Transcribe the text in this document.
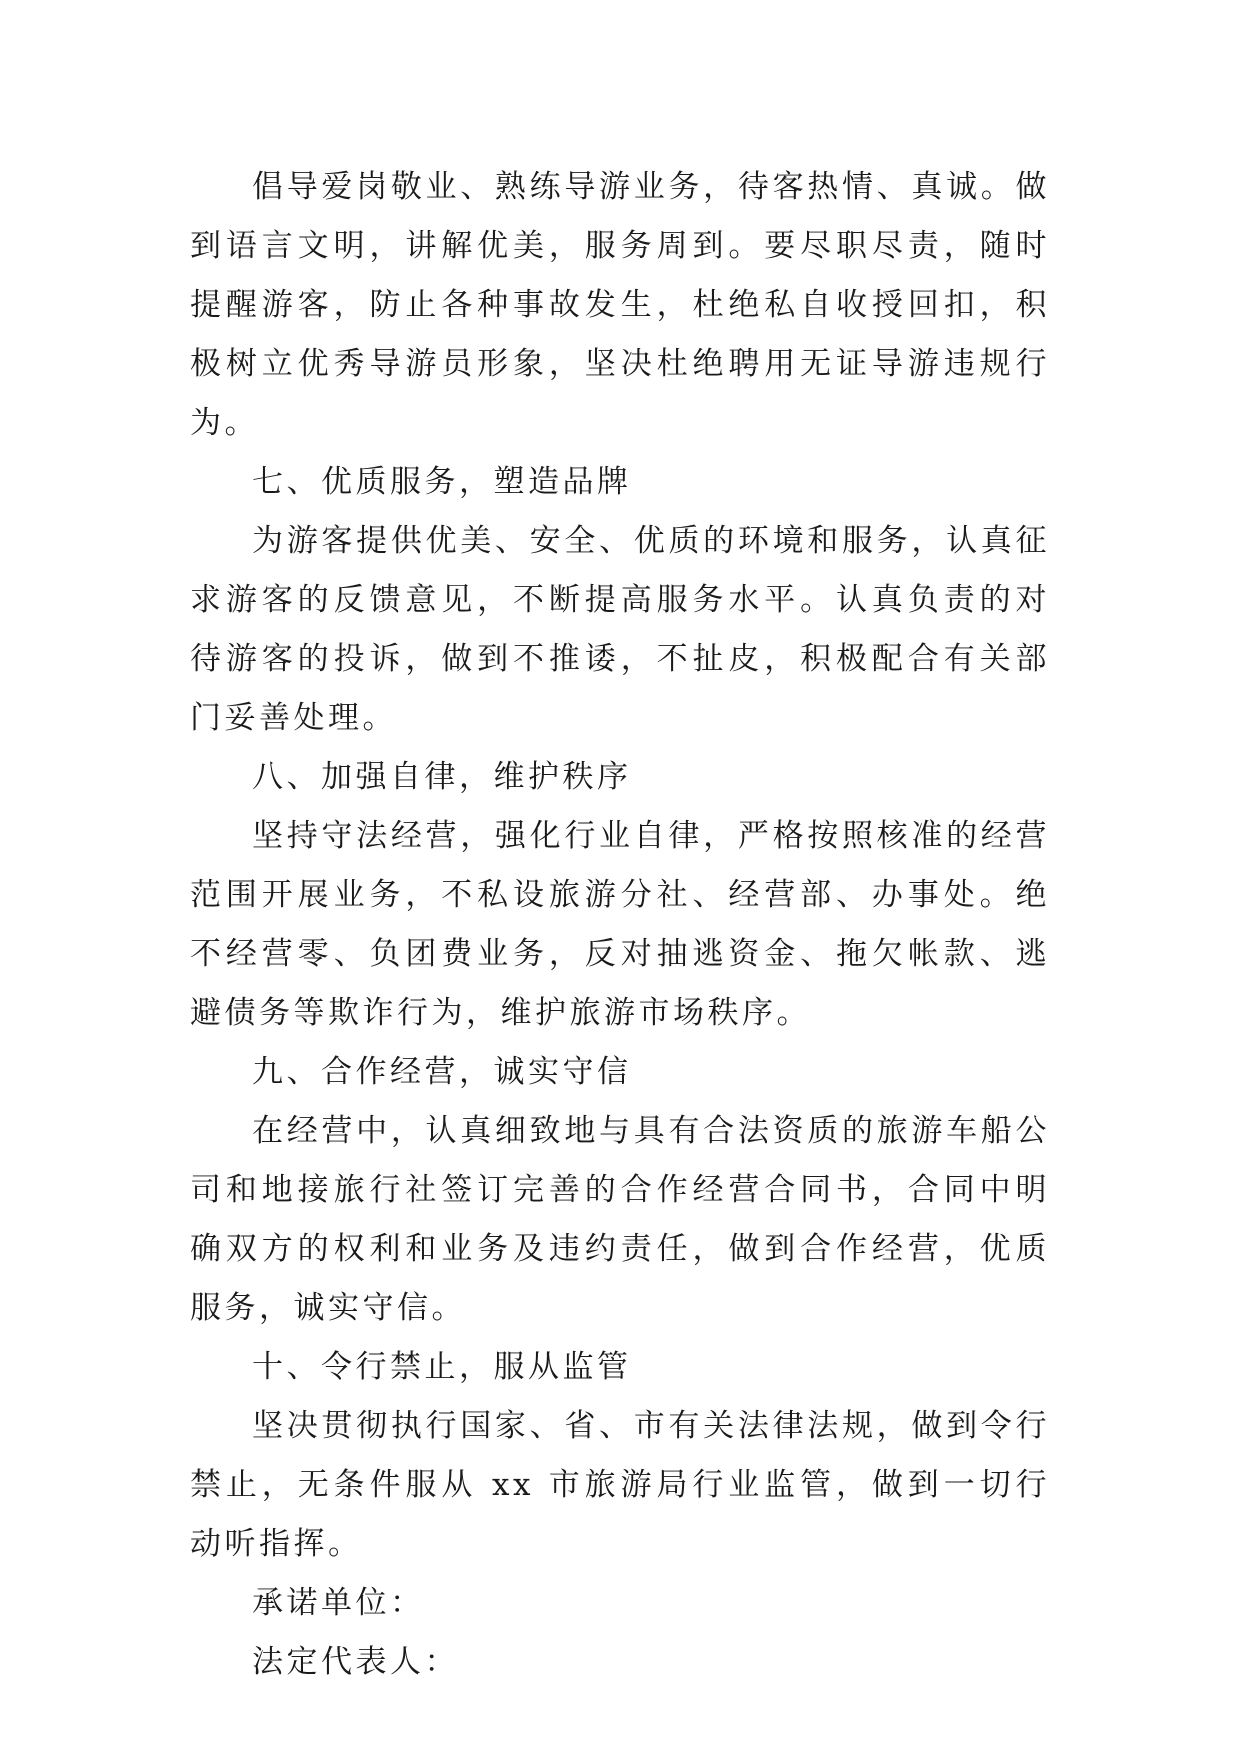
倡导爱岗敬业、熟练导游业务，待客热情、真诚。做到语言文明，讲解优美，服务周到。要尽职尽责，随时提醒游客，防止各种事故发生，杜绝私自收授回扣，积极树立优秀导游员形象，坚决杜绝聘用无证导游违规行为。

七、优质服务，塑造品牌

为游客提供优美、安全、优质的环境和服务，认真征求游客的反馈意见，不断提高服务水平。认真负责的对待游客的投诉，做到不推诿，不扯皮，积极配合有关部门妥善处理。

八、加强自律，维护秩序

坚持守法经营，强化行业自律，严格按照核准的经营范围开展业务，不私设旅游分社、经营部、办事处。绝不经营零、负团费业务，反对抽逃资金、拖欠帐款、逃避债务等欺诈行为，维护旅游市场秩序。

九、合作经营，诚实守信

在经营中，认真细致地与具有合法资质的旅游车船公司和地接旅行社签订完善的合作经营合同书，合同中明确双方的权利和业务及违约责任，做到合作经营，优质服务，诚实守信。

十、令行禁止，服从监管

坚决贯彻执行国家、省、市有关法律法规，做到令行禁止，无条件服从 xx 市旅游局行业监管，做到一切行动听指挥。

承诺单位：

法定代表人：
